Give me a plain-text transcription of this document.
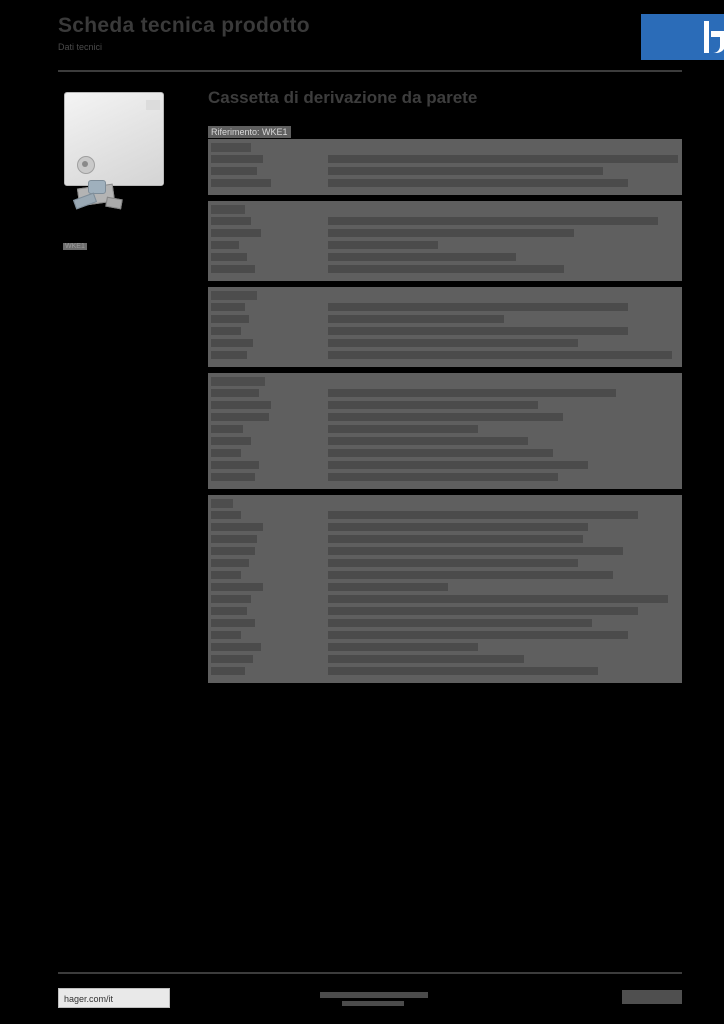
Scheda tecnica prodotto
Dati tecnici
WKE1
Cassetta di derivazione da parete
Riferimento: WKE1
hager.com/it
